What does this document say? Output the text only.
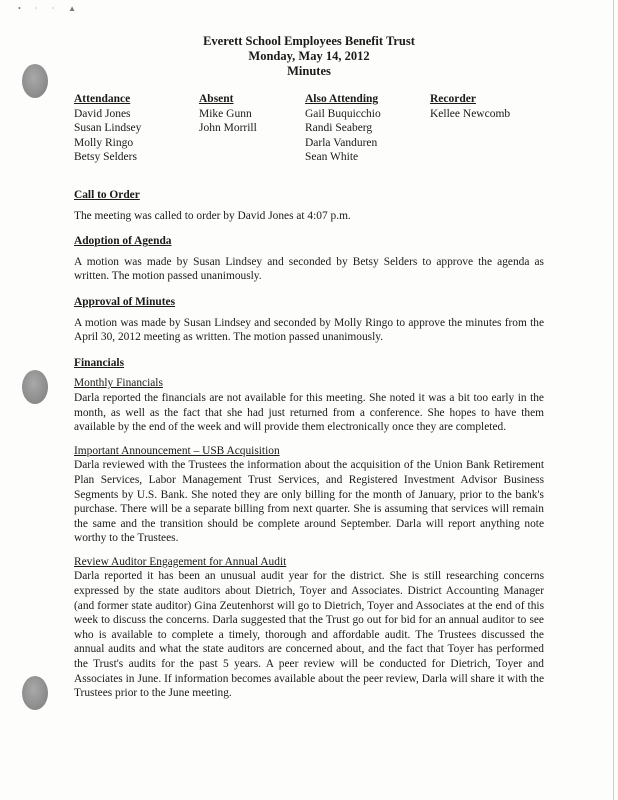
• · · ▲
Everett School Employees Benefit Trust
Monday, May 14, 2012
Minutes
Attendance
David Jones
Susan Lindsey
Molly Ringo
Betsy Selders
Absent
Mike Gunn
John Morrill
Also Attending
Gail Buquicchio
Randi Seaberg
Darla Vanduren
Sean White
Recorder
Kellee Newcomb

Call to Order

The meeting was called to order by David Jones at 4:07 p.m.

Adoption of Agenda

A motion was made by Susan Lindsey and seconded by Betsy Selders to approve the agenda as written. The motion passed unanimously.

Approval of Minutes

A motion was made by Susan Lindsey and seconded by Molly Ringo to approve the minutes from the April 30, 2012 meeting as written. The motion passed unanimously.

Financials

Monthly Financials

Darla reported the financials are not available for this meeting. She noted it was a bit too early in the month, as well as the fact that she had just returned from a conference. She hopes to have them available by the end of the week and will provide them electronically once they are completed.

Important Announcement – USB Acquisition

Darla reviewed with the Trustees the information about the acquisition of the Union Bank Retirement Plan Services, Labor Management Trust Services, and Registered Investment Advisor Business Segments by U.S. Bank. She noted they are only billing for the month of January, prior to the bank's purchase. There will be a separate billing from next quarter. She is assuming that services will remain the same and the transition should be complete around September. Darla will report anything note worthy to the Trustees.

Review Auditor Engagement for Annual Audit

Darla reported it has been an unusual audit year for the district. She is still researching concerns expressed by the state auditors about Dietrich, Toyer and Associates. District Accounting Manager (and former state auditor) Gina Zeutenhorst will go to Dietrich, Toyer and Associates at the end of this week to discuss the concerns. Darla suggested that the Trust go out for bid for an annual auditor to see who is available to complete a timely, thorough and affordable audit. The Trustees discussed the annual audits and what the state auditors are concerned about, and the fact that Toyer has performed the Trust's audits for the past 5 years. A peer review will be conducted for Dietrich, Toyer and Associates in June. If information becomes available about the peer review, Darla will share it with the Trustees prior to the June meeting.
